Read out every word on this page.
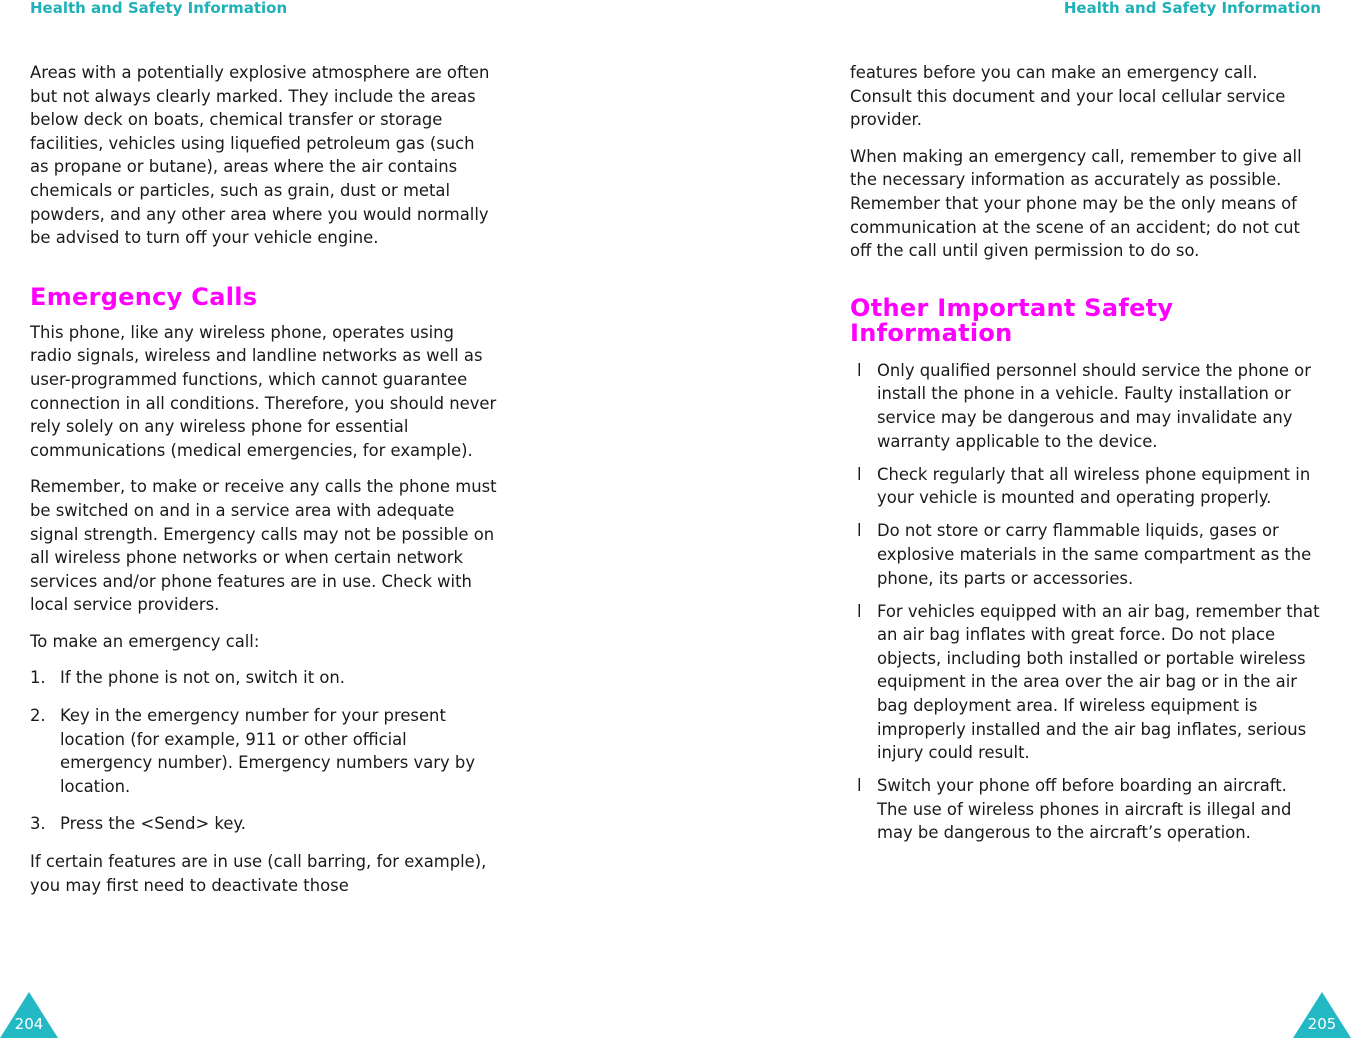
Health and Safety Information

Areas with a potentially explosive atmosphere are often but not always clearly marked. They include the areas below deck on boats, chemical transfer or storage facilities, vehicles using liquefied petroleum gas (such as propane or butane), areas where the air contains chemicals or particles, such as grain, dust or metal powders, and any other area where you would normally be advised to turn off your vehicle engine.

Emergency Calls

This phone, like any wireless phone, operates using radio signals, wireless and landline networks as well as user-programmed functions, which cannot guarantee connection in all conditions. Therefore, you should never rely solely on any wireless phone for essential communications (medical emergencies, for example).

Remember, to make or receive any calls the phone must be switched on and in a service area with adequate signal strength. Emergency calls may not be possible on all wireless phone networks or when certain network services and/or phone features are in use. Check with local service providers.

To make an emergency call:

1. If the phone is not on, switch it on.
2. Key in the emergency number for your present location (for example, 911 or other official emergency number). Emergency numbers vary by location.
3. Press the <Send> key.

If certain features are in use (call barring, for example), you may first need to deactivate those

204
Health and Safety Information

features before you can make an emergency call. Consult this document and your local cellular service provider.

When making an emergency call, remember to give all the necessary information as accurately as possible. Remember that your phone may be the only means of communication at the scene of an accident; do not cut off the call until given permission to do so.

Other Important Safety Information
l Only qualified personnel should service the phone or install the phone in a vehicle. Faulty installation or service may be dangerous and may invalidate any warranty applicable to the device.
l Check regularly that all wireless phone equipment in your vehicle is mounted and operating properly.
l Do not store or carry flammable liquids, gases or explosive materials in the same compartment as the phone, its parts or accessories.
l For vehicles equipped with an air bag, remember that an air bag inflates with great force. Do not place objects, including both installed or portable wireless equipment in the area over the air bag or in the air bag deployment area. If wireless equipment is improperly installed and the air bag inflates, serious injury could result.
l Switch your phone off before boarding an aircraft. The use of wireless phones in aircraft is illegal and may be dangerous to the aircraft’s operation.
205
